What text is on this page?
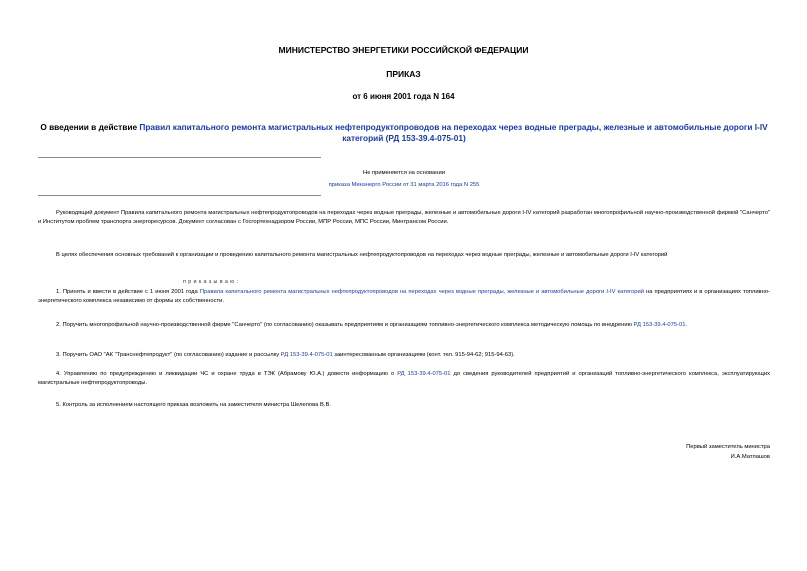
МИНИСТЕРСТВО ЭНЕРГЕТИКИ РОССИЙСКОЙ ФЕДЕРАЦИИ
ПРИКАЗ
от 6 июня 2001 года N 164
О введении в действие Правил капитального ремонта магистральных нефтепродуктопроводов на переходах через водные преграды, железные и автомобильные дороги I-IV категорий (РД 153-39.4-075-01)
Не применяется на основании
приказа Минэнерго России от 31 марта 2016 года N 255
Руководящий документ Правила капитального ремонта магистральных нефтепродуктопроводов на переходах через водные преграды, железные и автомобильные дороги I-IV категорий разработан многопрофильной научно-производственной фирмой "Санчерто" и Институтом проблем транспорта энергоресурсов. Документ согласован с Госгортехнадзором России, МПР России, МПС России, Минтрансом России.
В целях обеспечения основных требований к организации и проведению капитального ремонта магистральных нефтепродуктопроводов на переходах через водные преграды, железные и автомобильные дороги I-IV категорий
п р и к а з ы в а ю :
1. Принять и ввести в действие с 1 июня 2001 года Правила капитального ремонта магистральных нефтепродуктопроводов на переходах через водные преграды, железные и автомобильные дороги I-IV категорий на предприятиях и в организациях топливно-энергетического комплекса независимо от формы их собственности.
2. Поручить многопрофильной научно-производственной фирме "Санчерто" (по согласованию) оказывать предприятиям и организациям топливно-энергетического комплекса методическую помощь по внедрению РД 153-39.4-075-01.
3. Поручить ОАО "АК "Транснефтепродукт" (по согласованию) издание и рассылку РД 153-39.4-075-01 заинтересованным организациям (конт. тел. 915-94-62; 915-94-63).
4. Управлению по предупреждению и ликвидации ЧС и охране труда в ТЭК (Абрамову Ю.А.) довести информацию о РД 153-39.4-075-01 до сведения руководителей предприятий и организаций топливно-энергетического комплекса, эксплуатирующих магистральные нефтепродуктопроводы.
5. Контроль за исполнением настоящего приказа возложить на заместителя министра Шелепова В.В.
Первый заместитель министра
И.А.Матлашов
